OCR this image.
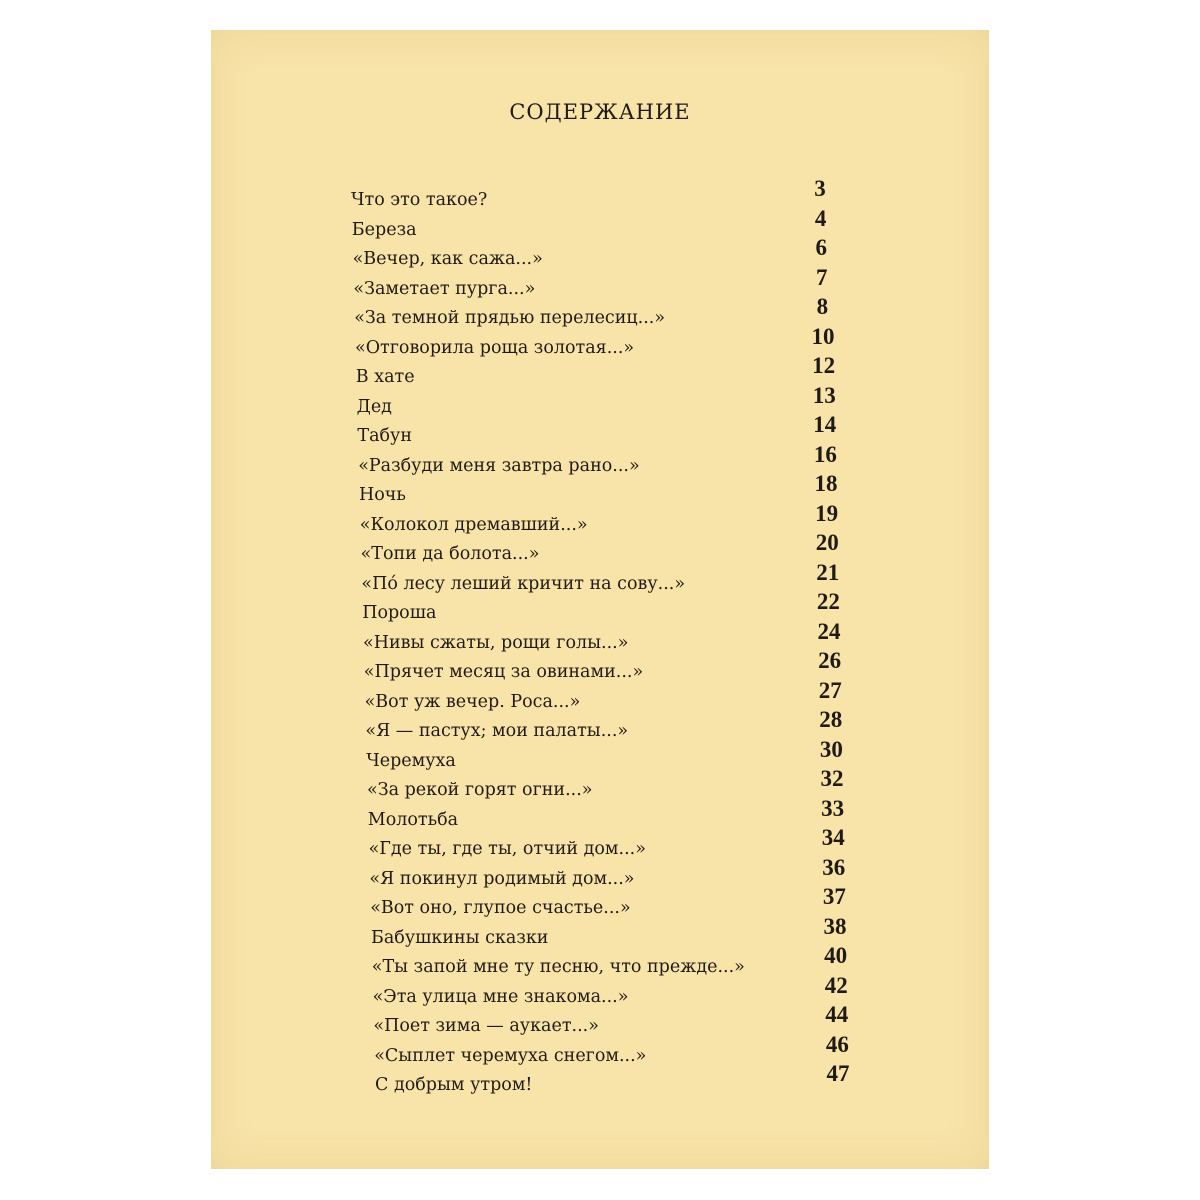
СОДЕРЖАНИЕ
Что это такое?	3
Береза	4
«Вечер, как сажа...»	6
«Заметает пурга...»	7
«За темной прядью перелесиц...»	8
«Отговорила роща золотая...»	10
В хате	12
Дед	13
Табун	14
«Разбуди меня завтра рано...»	16
Ночь	18
«Колокол дремавший...»	19
«Топи да болота...»	20
«По́ лесу леший кричит на сову...»	21
Пороша	22
«Нивы сжаты, рощи голы...»	24
«Прячет месяц за овинами...»	26
«Вот уж вечер. Роса...»	27
«Я — пастух; мои палаты...»	28
Черемуха	30
«За рекой горят огни...»	32
Молотьба	33
«Где ты, где ты, отчий дом...»	34
«Я покинул родимый дом...»	36
«Вот оно, глупое счастье...»	37
Бабушкины сказки	38
«Ты запой мне ту песню, что прежде...»	40
«Эта улица мне знакома...»	42
«Поет зима — аукает...»	44
«Сыплет черемуха снегом...»	46
С добрым утром!	47
